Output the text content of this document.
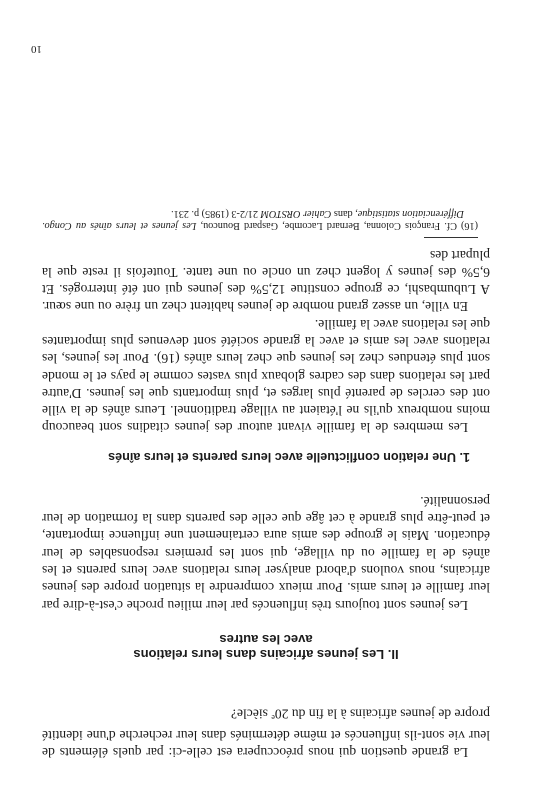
La grande question qui nous préoccupera est celle-ci: par quels éléments de leur vie sont-ils influencés et même déterminés dans leur recherche d'une identité propre de jeunes africains à la fin du 20e siècle?

II. Les jeunes africains dans leurs relations
avec les autres

Les jeunes sont toujours très influencés par leur milieu proche c'est-à-dire par leur famille et leurs amis. Pour mieux comprendre la situation propre des jeunes africains, nous voulons d'abord analyser leurs relations avec leurs parents et les aînés de la famille ou du village, qui sont les premiers responsables de leur éducation. Mais le groupe des amis aura certainement une influence importante, et peut-être plus grande à cet âge que celle des parents dans la formation de leur personnalité.

1. Une relation conflictuelle avec leurs parents et leurs aînés

Les membres de la famille vivant autour des jeunes citadins sont beaucoup moins nombreux qu'ils ne l'étaient au village traditionnel. Leurs aînés de la ville ont des cercles de parenté plus larges et, plus importants que les jeunes. D'autre part les relations dans des cadres globaux plus vastes comme le pays et le monde sont plus étendues chez les jeunes que chez leurs aînés (16). Pour les jeunes, les relations avec les amis et avec la grande société sont devenues plus importantes que les relations avec la famille.

En ville, un assez grand nombre de jeunes habitent chez un frère ou une sœur. A Lubumbashi, ce groupe constitue 12,5% des jeunes qui ont été interrogés. Et 6,5% des jeunes y logent chez un oncle ou une tante. Toutefois il reste que la plupart des

(16)Cf. François Colonna, Bernard Lacombe, Gaspard Bouncou, Les jeunes et leurs aînés au Congo. Différenciation statistique, dans Cahier ORSTOM 21/2-3 (1985) p. 231.

10
